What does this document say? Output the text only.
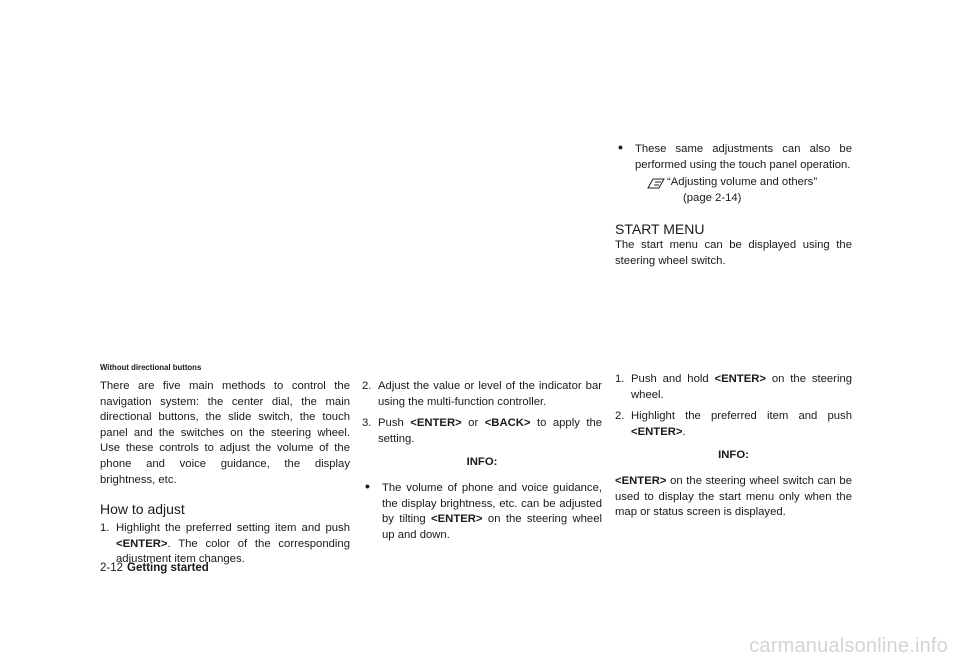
Without directional buttons

There are five main methods to control the navigation system: the center dial, the main directional buttons, the slide switch, the touch panel and the switches on the steering wheel. Use these controls to adjust the volume of the phone and voice guidance, the display brightness, etc.

How to adjust
1. Highlight the preferred setting item and push <ENTER>. The color of the corresponding adjustment item changes.

2. Adjust the value or level of the indicator bar using the multi-function controller.

3. Push <ENTER> or <BACK> to apply the setting.

INFO:
• The volume of phone and voice guidance, the display brightness, etc. can be adjusted by tilting <ENTER> on the steering wheel up and down.

• These same adjustments can also be performed using the touch panel operation.

“Adjusting volume and others”
(page 2-14)
START MENU

The start menu can be displayed using the steering wheel switch.

1. Push and hold <ENTER> on the steering wheel.

2. Highlight the preferred item and push <ENTER>.

INFO:

<ENTER> on the steering wheel switch can be used to display the start menu only when the map or status screen is displayed.

2-12 Getting started
carmanualsonline.info
